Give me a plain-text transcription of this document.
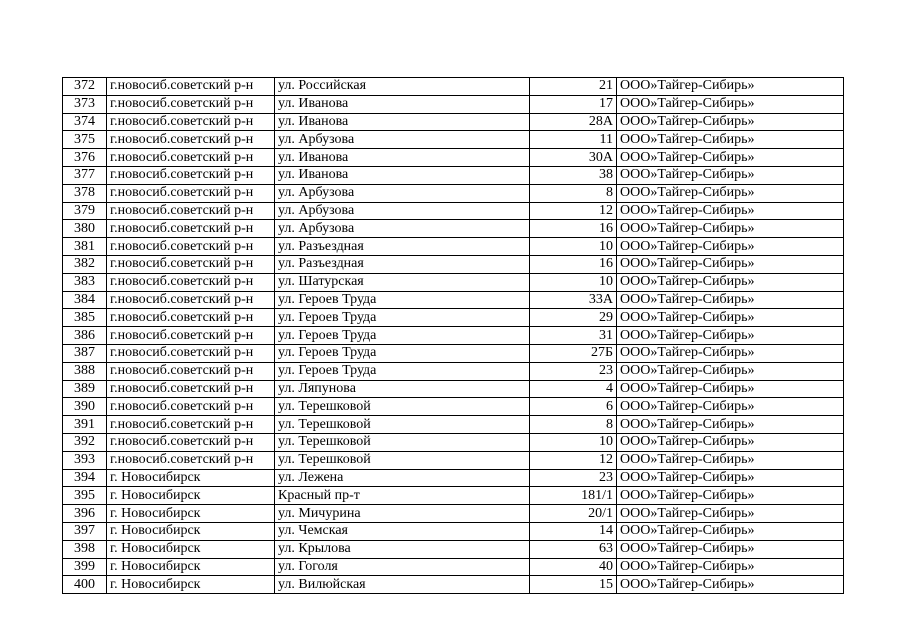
372	г.новосиб.советский р-н	ул. Российская	21	ООО»Тайгер-Сибирь»
373	г.новосиб.советский р-н	ул. Иванова	17	ООО»Тайгер-Сибирь»
374	г.новосиб.советский р-н	ул. Иванова	28А	ООО»Тайгер-Сибирь»
375	г.новосиб.советский р-н	ул. Арбузова	11	ООО»Тайгер-Сибирь»
376	г.новосиб.советский р-н	ул. Иванова	30А	ООО»Тайгер-Сибирь»
377	г.новосиб.советский р-н	ул. Иванова	38	ООО»Тайгер-Сибирь»
378	г.новосиб.советский р-н	ул. Арбузова	8	ООО»Тайгер-Сибирь»
379	г.новосиб.советский р-н	ул. Арбузова	12	ООО»Тайгер-Сибирь»
380	г.новосиб.советский р-н	ул. Арбузова	16	ООО»Тайгер-Сибирь»
381	г.новосиб.советский р-н	ул. Разъездная	10	ООО»Тайгер-Сибирь»
382	г.новосиб.советский р-н	ул. Разъездная	16	ООО»Тайгер-Сибирь»
383	г.новосиб.советский р-н	ул. Шатурская	10	ООО»Тайгер-Сибирь»
384	г.новосиб.советский р-н	ул. Героев Труда	33А	ООО»Тайгер-Сибирь»
385	г.новосиб.советский р-н	ул. Героев Труда	29	ООО»Тайгер-Сибирь»
386	г.новосиб.советский р-н	ул. Героев Труда	31	ООО»Тайгер-Сибирь»
387	г.новосиб.советский р-н	ул. Героев Труда	27Б	ООО»Тайгер-Сибирь»
388	г.новосиб.советский р-н	ул. Героев Труда	23	ООО»Тайгер-Сибирь»
389	г.новосиб.советский р-н	ул. Ляпунова	4	ООО»Тайгер-Сибирь»
390	г.новосиб.советский р-н	ул. Терешковой	6	ООО»Тайгер-Сибирь»
391	г.новосиб.советский р-н	ул. Терешковой	8	ООО»Тайгер-Сибирь»
392	г.новосиб.советский р-н	ул. Терешковой	10	ООО»Тайгер-Сибирь»
393	г.новосиб.советский р-н	ул. Терешковой	12	ООО»Тайгер-Сибирь»
394	г. Новосибирск	ул. Лежена	23	ООО»Тайгер-Сибирь»
395	г. Новосибирск	Красный пр-т	181/1	ООО»Тайгер-Сибирь»
396	г. Новосибирск	ул. Мичурина	20/1	ООО»Тайгер-Сибирь»
397	г. Новосибирск	ул. Чемская	14	ООО»Тайгер-Сибирь»
398	г. Новосибирск	ул. Крылова	63	ООО»Тайгер-Сибирь»
399	г. Новосибирск	ул. Гоголя	40	ООО»Тайгер-Сибирь»
400	г. Новосибирск	ул. Вилюйская	15	ООО»Тайгер-Сибирь»
